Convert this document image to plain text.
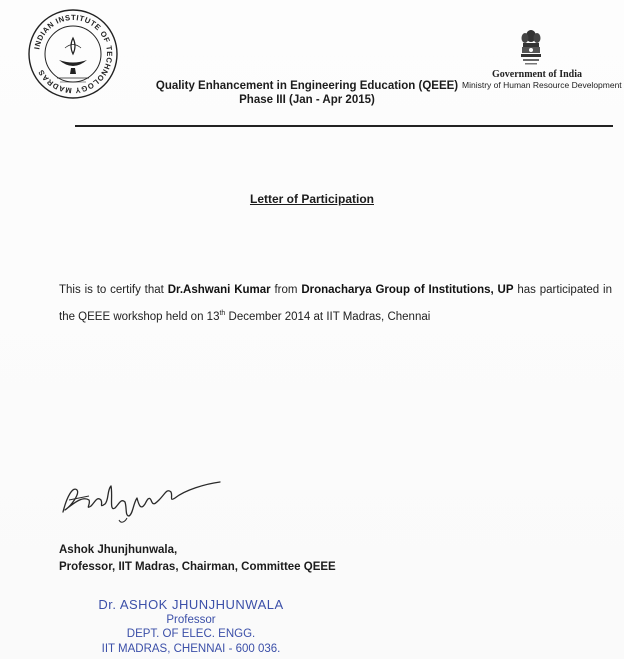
INDIAN INSTITUTE OF TECHNOLOGY MADRAS	Government of India
Ministry of Human Resource Development
Quality Enhancement in Engineering Education (QEEE)
Phase III (Jan - Apr 2015)
Letter of Participation
This is to certify that Dr.Ashwani Kumar from Dronacharya Group of Institutions, UP has participated in the QEEE workshop held on 13th December 2014 at IIT Madras, Chennai
Ashok Jhunjhunwala,
Professor, IIT Madras, Chairman, Committee QEEE
Dr. ASHOK JHUNJHUNWALA
Professor
DEPT. OF ELEC. ENGG.
IIT MADRAS, CHENNAI - 600 036.
